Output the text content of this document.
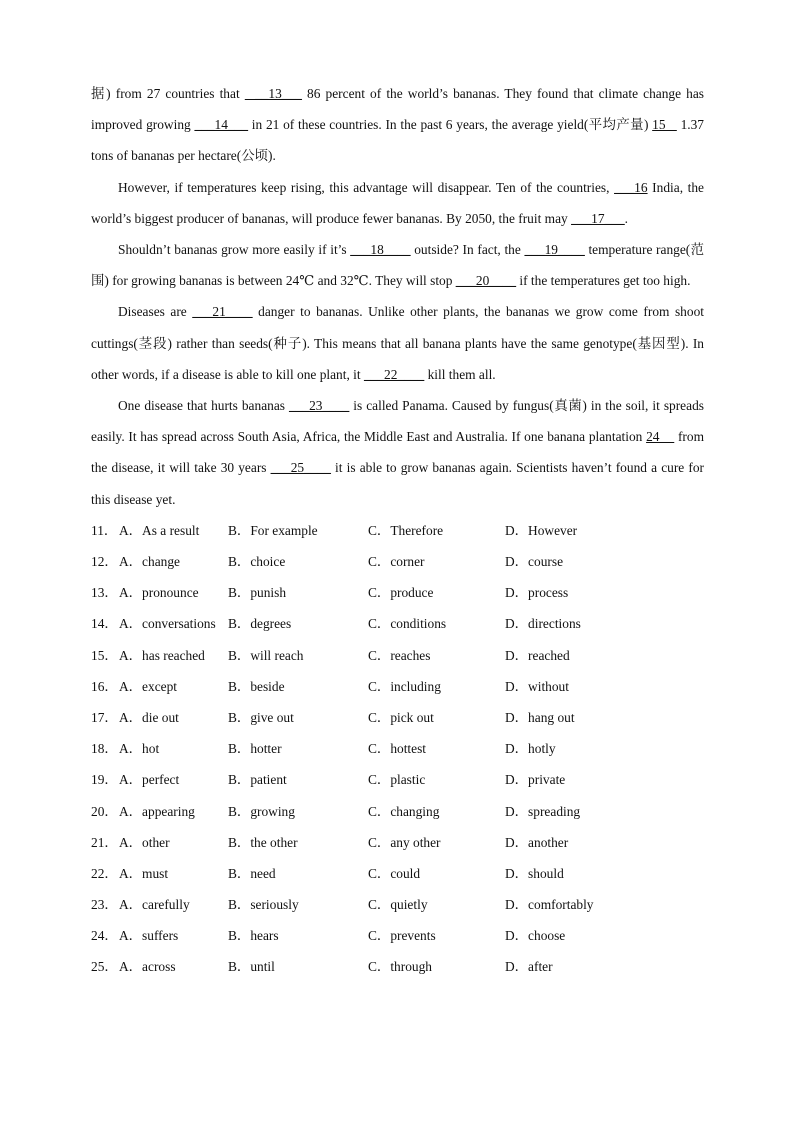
据) from 27 countries that   __13___ 86 percent of the world’s bananas. They found that climate change has improved growing ___14___ in 21 of these countries. In the past 6 years, the average yield(平均产量) 15    1.37 tons of bananas per hectare(公顷).

However, if temperatures keep rising, this advantage will disappear. Ten of the countries, ___16 India, the world’s biggest producer of bananas, will produce fewer bananas. By 2050, the fruit may ___17___.

Shouldn’t bananas grow more easily if it’s ___18____ outside? In fact, the ___19____ temperature range(范围) for growing bananas is between 24℃ and 32℃. They will stop ___20____ if the temperatures get too high.

Diseases are ___21____ danger to bananas. Unlike other plants, the bananas we grow come from shoot cuttings(茎段) rather than seeds(种子). This means that all banana plants have the same genotype(基因型). In other words, if a disease is able to kill one plant, it ___22____ kill them all.

One disease that hurts bananas ___23____ is called Panama. Caused by fungus(真菌) in the soil, it spreads easily. It has spread across South Asia, Africa, the Middle East and Australia. If one banana plantation 24     from the disease, it will take 30 years ___25____ it is able to grow bananas again. Scientists haven’t found a cure for this disease yet.

11． A．As a result	B．For example	C．Therefore	D．However
12． A．change	B．choice	C．corner	D．course
13． A．pronounce	B．punish	C．produce	D．process
14． A．conversations B．degrees	C．conditions	D．directions
15． A．has reached	B．will reach	C．reaches	D．reached
16． A．except	B．beside	C．including	D．without
17． A．die out	B．give out	C．pick out	D．hang out
18． A．hot	B．hotter	C．hottest	D．hotly
19． A．perfect	B．patient	C．plastic	D．private
20． A．appearing	B．growing	C．changing	D．spreading
21． A．other	B．the other	C．any other	D．another
22． A．must	B．need	C．could	D．should
23． A．carefully	B．seriously	C．quietly	D．comfortably
24． A．suffers	B．hears	C．prevents	D．choose
25． A．across	B．until	C．through	D．after
